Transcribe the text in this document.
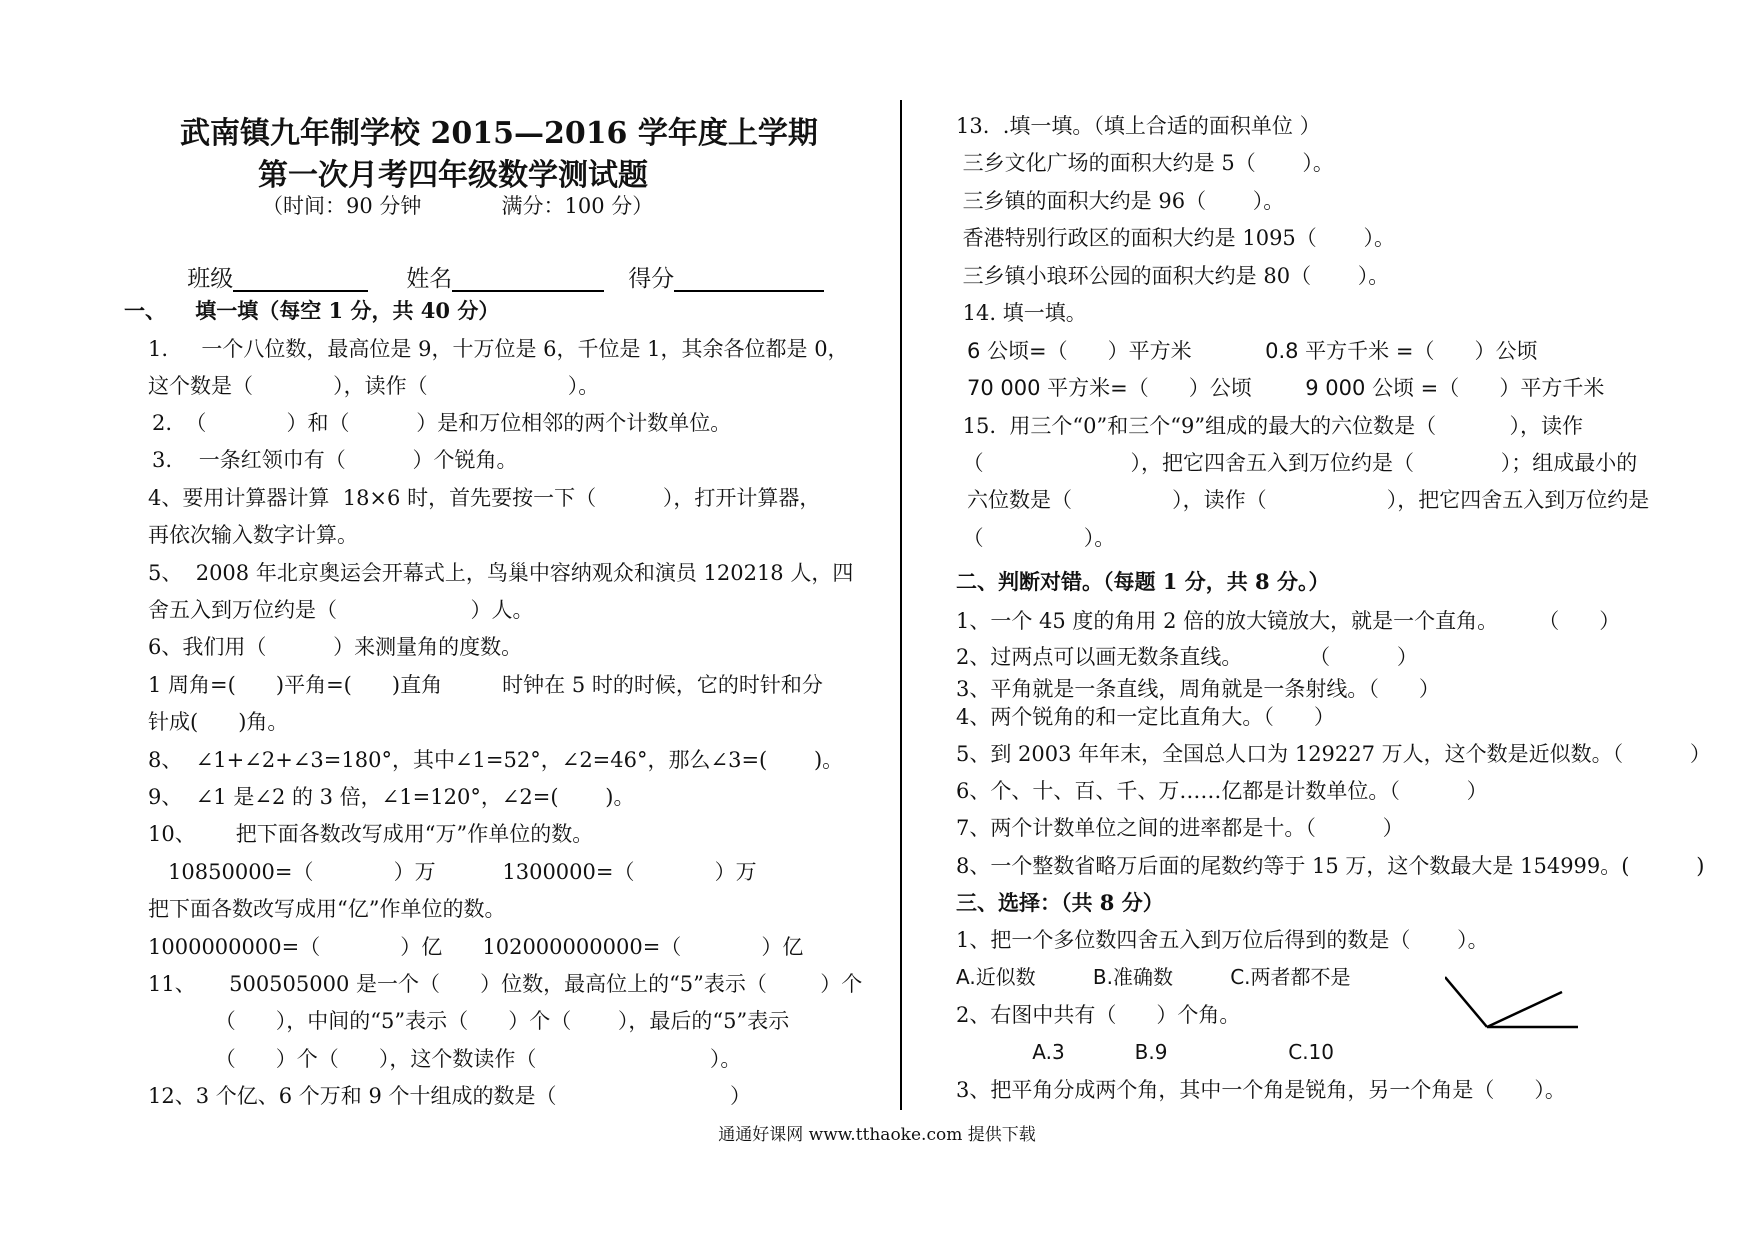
武南镇九年制学校 2015—2016 学年度上学期
第一次月考四年级数学测试题
（时间：90 分钟            满分：100 分）

班级	姓名	得分

一、    填一填（每空 1 分，共 40 分）
1.     一个八位数，最高位是 9，十万位是 6，千位是 1，其余各位都是 0，
这个数是（            ），读作（                     ）。
2.  （            ）和（          ）是和万位相邻的两个计数单位。
3.    一条红领巾有（          ）个锐角。
4、要用计算器计算  18×6 时，首先要按一下（          ），打开计算器，
再依次输入数字计算。
5、  2008 年北京奥运会开幕式上，鸟巢中容纳观众和演员 120218 人，四
舍五入到万位约是（                    ）人。
6、我们用（          ）来测量角的度数。
1 周角=(      )平角=(      )直角         时钟在 5 时的时候，它的时针和分
针成(      )角。
8、  ∠1+∠2+∠3=180°，其中∠1=52°，∠2=46°，那么∠3=(       )。
9、  ∠1 是∠2 的 3 倍，∠1=120°，∠2=(       )。
10、      把下面各数改写成用“万”作单位的数。
10850000=（            ）万          1300000=（            ）万
把下面各数改写成用“亿”作单位的数。
1000000000=（            ）亿      102000000000=（            ）亿
11、     500505000 是一个（      ）位数，最高位上的“5”表示（        ）个
（      ），中间的“5”表示（      ）个（       ），最后的“5”表示
（      ）个（      ），这个数读作（                          ）。
12、3 个亿、6 个万和 9 个十组成的数是（                          ）
13.  .填一填。（填上合适的面积单位 ）
三乡文化广场的面积大约是 5（       ）。
三乡镇的面积大约是 96（       ）。
香港特别行政区的面积大约是 1095（       ）。
三乡镇小琅环公园的面积大约是 80（       ）。
14. 填一填。
6 公顷=（      ）平方米           0.8 平方千米 =（      ）公顷
70 000 平方米=（      ）公顷        9 000 公顷 =（      ）平方千米
15.  用三个“0”和三个“9”组成的最大的六位数是（           ），读作
（                      ），把它四舍五入到万位约是（             ）；组成最小的
六位数是（               ），读作（                  ），把它四舍五入到万位约是
（               ）。
二、判断对错。（每题 1 分，共 8 分。）
1、一个 45 度的角用 2 倍的放大镜放大，就是一个直角。      （      ）
2、过两点可以画无数条直线。          （          ）
3、平角就是一条直线，周角就是一条射线。（      ）
4、两个锐角的和一定比直角大。（      ）
5、到 2003 年年末，全国总人口为 129227 万人，这个数是近似数。（          ）
6、个、十、百、千、万……亿都是计数单位。（          ）
7、两个计数单位之间的进率都是十。（          ）
8、一个整数省略万后面的尾数约等于 15 万，这个数最大是 154999。(          )
三、选择：（共 8 分）
1、把一个多位数四舍五入到万位后得到的数是（       ）。
A.近似数         B.准确数         C.两者都不是
2、右图中共有（      ）个角。
A.3           B.9                   C.10
3、把平角分成两个角，其中一个角是锐角，另一个角是（      ）。
通通好课网 www.tthaoke.com 提供下载
